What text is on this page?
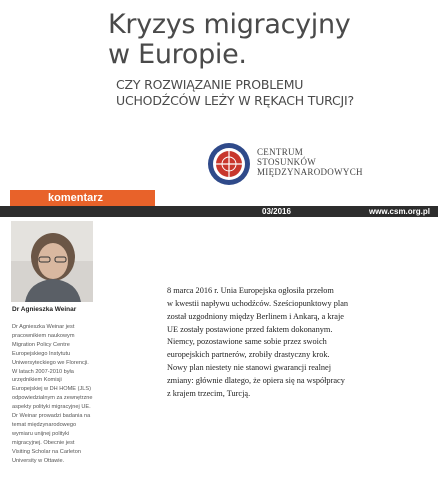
Kryzys migracyjny
w Europie.
CZY ROZWIĄZANIE PROBLEMU
UCHODŹCÓW LEŻY W RĘKACH TURCJI?
CENTRUM
STOSUNKÓW
MIĘDZYNARODOWYCH
komentarz
03/2016	www.csm.org.pl
Dr Agnieszka Weinar
Dr Agnieszka Weinar jest
pracownikiem naukowym
Migration Policy Centre
Europejskiego Instytutu
Uniwersyteckiego we Florencji.
W latach 2007-2010 była
urzędnikiem Komisji
Europejskiej w DH HOME (JLS)
odpowiedzialnym za zewnętrzne
aspekty polityki migracyjnej UE.
Dr Weinar prowadzi badania na
temat międzynarodowego
wymiaru unijnej polityki
migracyjnej. Obecnie jest
Visiting Scholar na Carleton
University w Ottawie.
8 marca 2016 r. Unia Europejska ogłosiła przełom
w kwestii napływu uchodźców. Sześciopunktowy plan
został uzgodniony między Berlinem i Ankarą, a kraje
UE zostały postawione przed faktem dokonanym.
Niemcy, pozostawione same sobie przez swoich
europejskich partnerów, zrobiły drastyczny krok.
Nowy plan niestety nie stanowi gwarancji realnej
zmiany: głównie dlatego, że opiera się na współpracy
z krajem trzecim, Turcją.
